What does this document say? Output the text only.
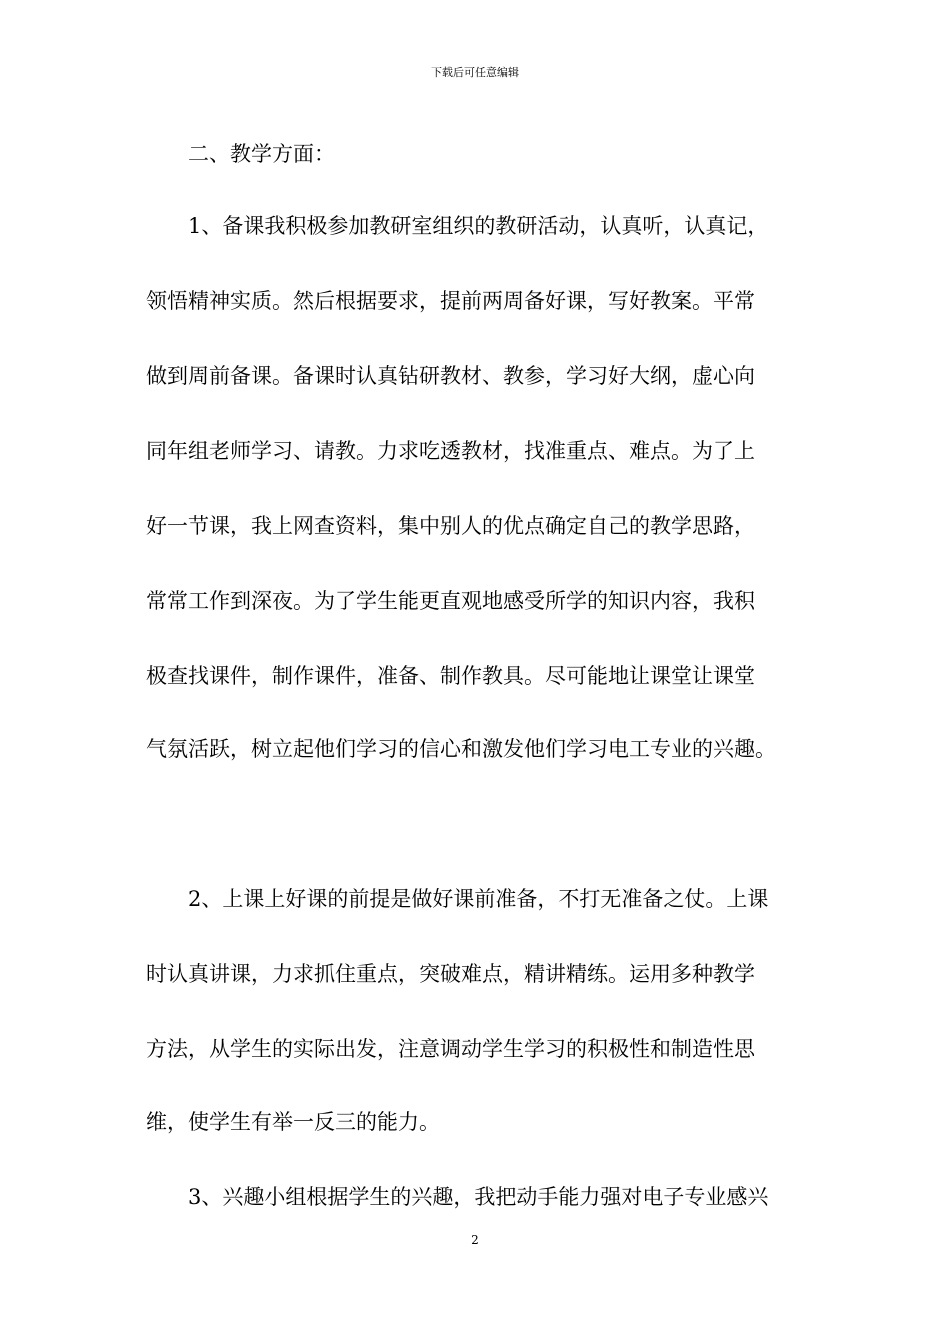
下载后可任意编辑
二、教学方面：
1、备课我积极参加教研室组织的教研活动，认真听，认真记，
领悟精神实质。然后根据要求，提前两周备好课，写好教案。平常
做到周前备课。备课时认真钻研教材、教参，学习好大纲，虚心向
同年组老师学习、请教。力求吃透教材，找准重点、难点。为了上
好一节课，我上网查资料，集中别人的优点确定自己的教学思路，
常常工作到深夜。为了学生能更直观地感受所学的知识内容，我积
极查找课件，制作课件，准备、制作教具。尽可能地让课堂让课堂
气氛活跃，树立起他们学习的信心和激发他们学习电工专业的兴趣。
2、上课上好课的前提是做好课前准备，不打无准备之仗。上课
时认真讲课，力求抓住重点，突破难点，精讲精练。运用多种教学
方法，从学生的实际出发，注意调动学生学习的积极性和制造性思
维，使学生有举一反三的能力。
3、兴趣小组根据学生的兴趣，我把动手能力强对电子专业感兴
2
